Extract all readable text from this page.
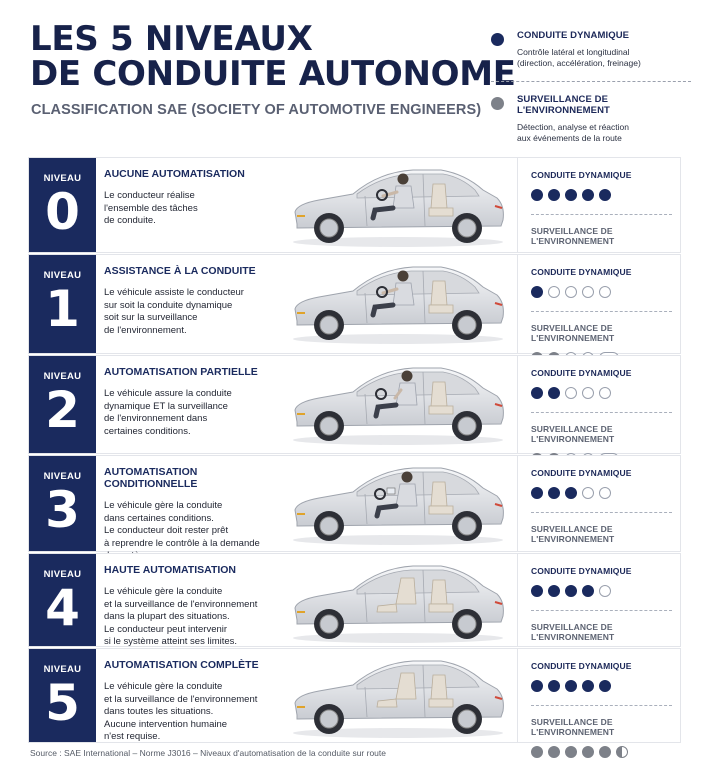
LES 5 NIVEAUX
DE CONDUITE AUTONOME
CLASSIFICATION SAE (SOCIETY OF AUTOMOTIVE ENGINEERS)
CONDUITE DYNAMIQUE
Contrôle latéral et longitudinal
(direction, accélération, freinage)
SURVEILLANCE DE L'ENVIRONNEMENT
Détection, analyse et réaction
aux événements de la route
NIVEAU
0
AUCUNE AUTOMATISATION
Le conducteur réalise
l'ensemble des tâches
de conduite.
CONDUITE DYNAMIQUE
SURVEILLANCE DE L'ENVIRONNEMENT
NIVEAU
1
ASSISTANCE À LA CONDUITE
Le véhicule assiste le conducteur
sur soit la conduite dynamique
soit sur la surveillance
de l'environnement.
CONDUITE DYNAMIQUE
SURVEILLANCE DE L'ENVIRONNEMENT
NIVEAU
2
AUTOMATISATION PARTIELLE
Le véhicule assure la conduite
dynamique ET la surveillance
de l'environnement dans
certaines conditions.
CONDUITE DYNAMIQUE
SURVEILLANCE DE L'ENVIRONNEMENT
NIVEAU
3
AUTOMATISATION CONDITIONNELLE
Le véhicule gère la conduite
dans certaines conditions.
Le conducteur doit rester prêt
à reprendre le contrôle à la demande
CONDUITE DYNAMIQUE
SURVEILLANCE DE L'ENVIRONNEMENT
NIVEAU
4
HAUTE AUTOMATISATION
Le véhicule gère la conduite
et la surveillance de l'environnement
dans la plupart des situations.
Le conducteur peut intervenir
si le système atteint ses limites.
CONDUITE DYNAMIQUE
SURVEILLANCE DE L'ENVIRONNEMENT
NIVEAU
5
AUTOMATISATION COMPLÈTE
Le véhicule gère la conduite
et la surveillance de l'environnement
dans toutes les situations.
Aucune intervention humaine
n'est requise.
CONDUITE DYNAMIQUE
SURVEILLANCE DE L'ENVIRONNEMENT
Source : SAE International – Norme J3016 – Niveaux d'automatisation de la conduite sur route
